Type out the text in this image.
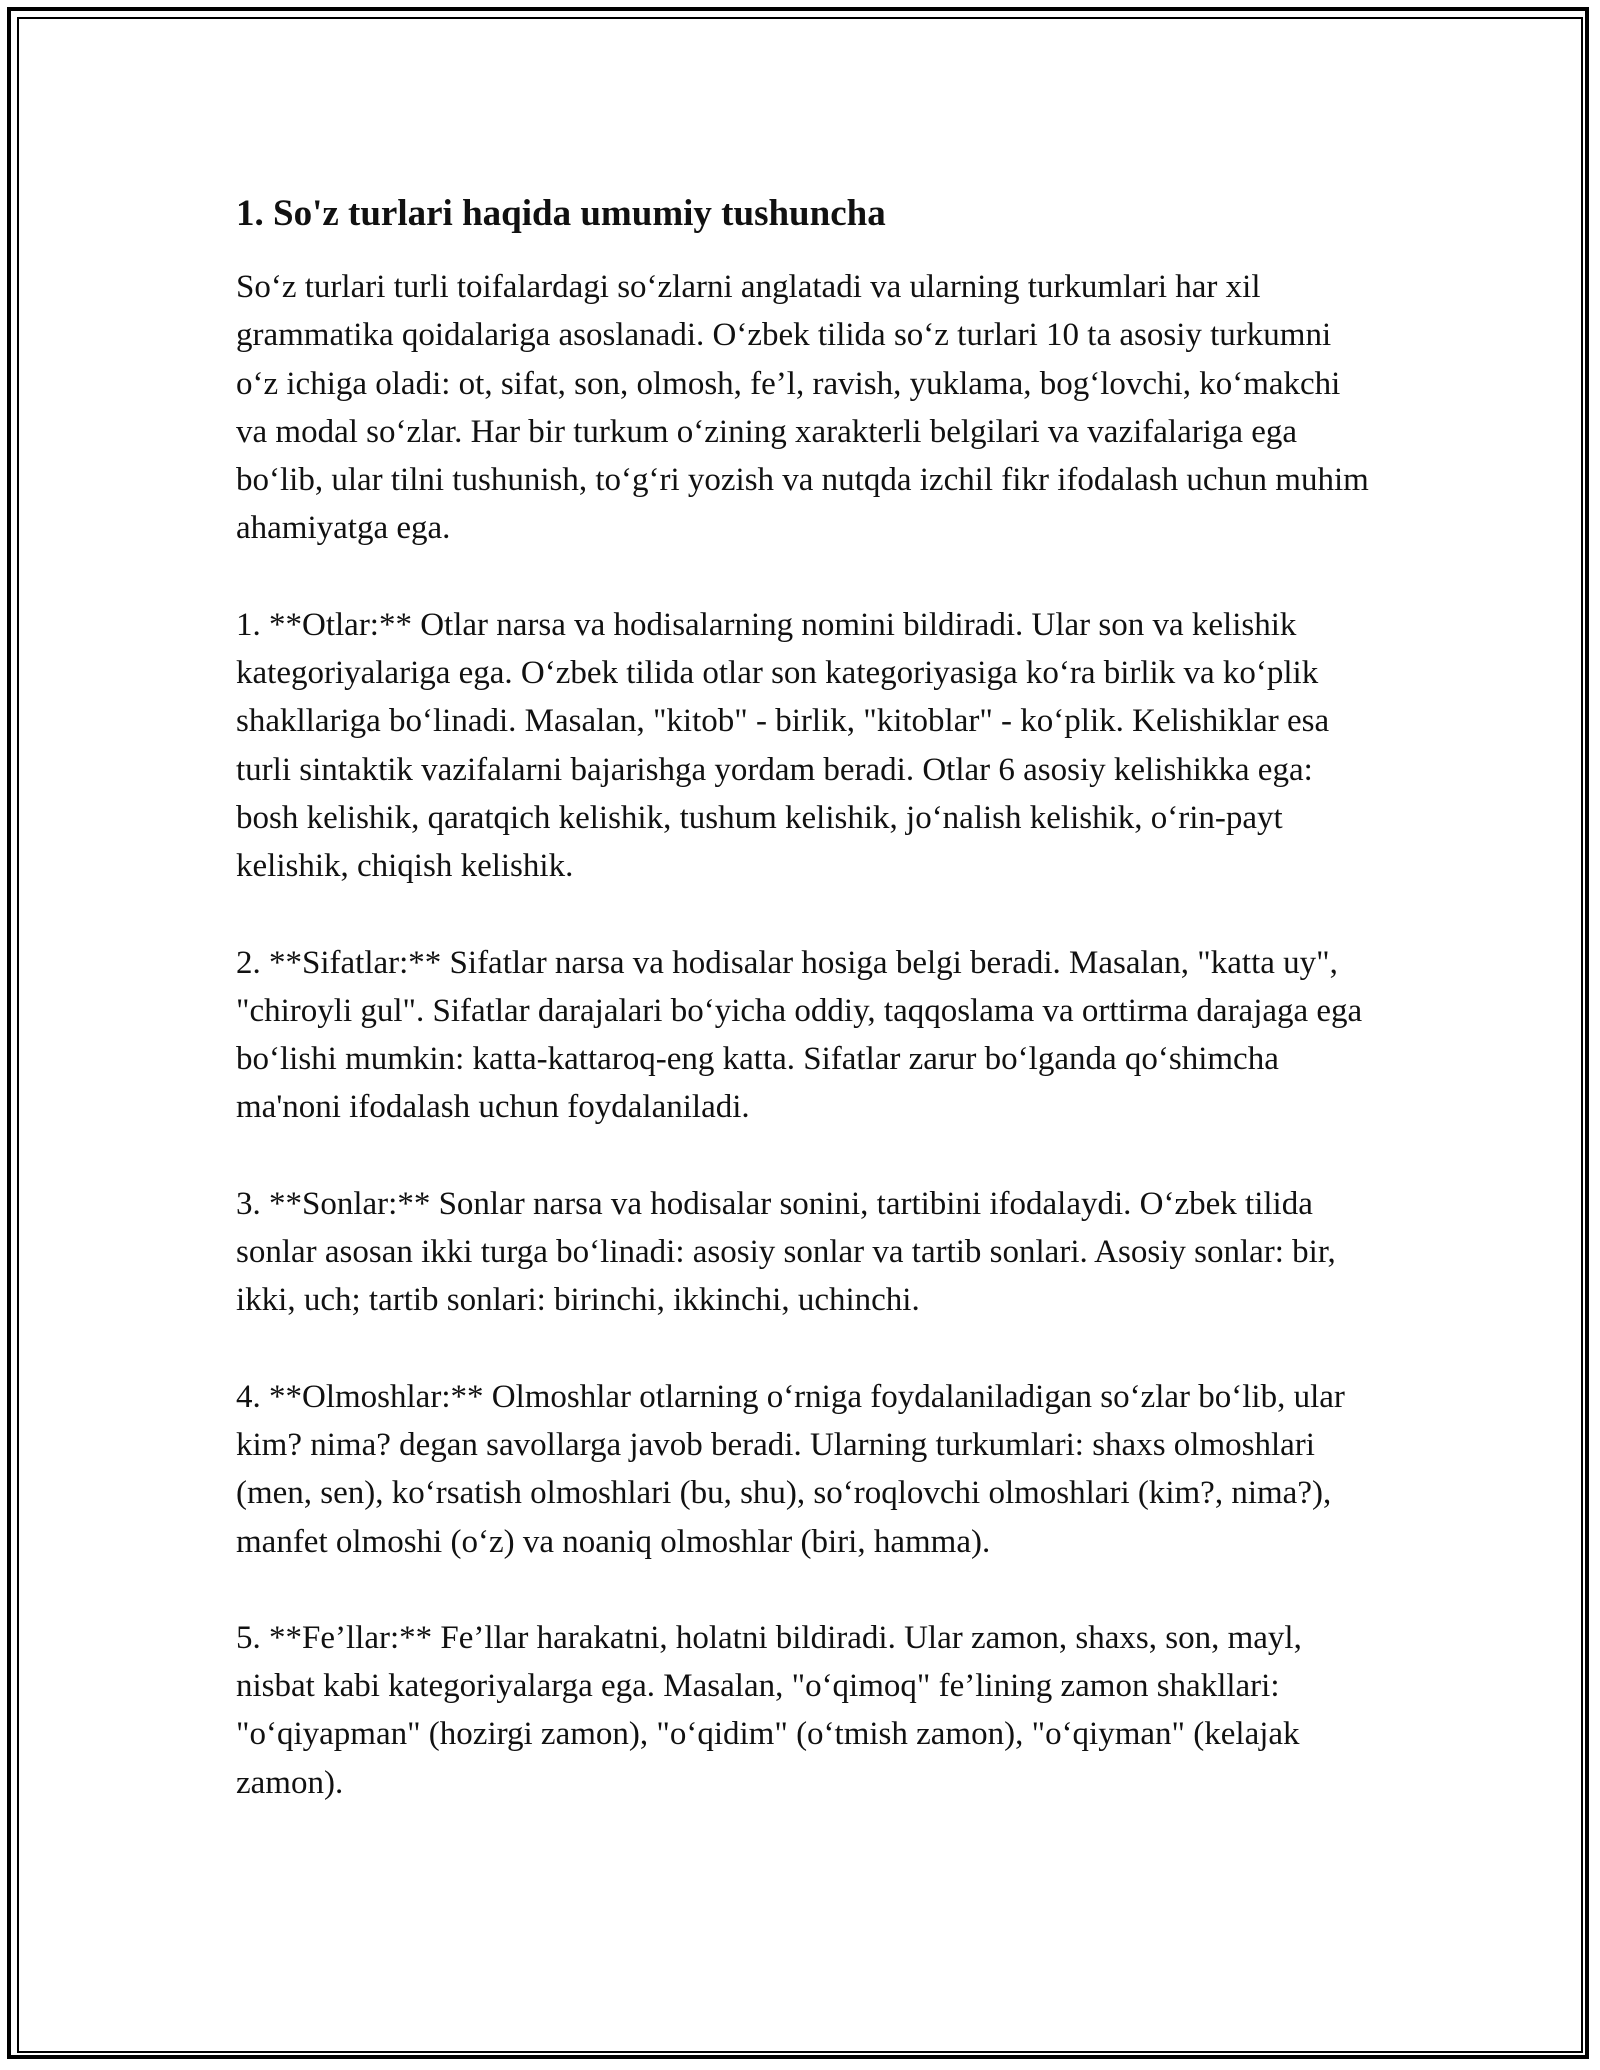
1. So'z turlari haqida umumiy tushuncha

So‘z turlari turli toifalardagi so‘zlarni anglatadi va ularning turkumlari har xil grammatika qoidalariga asoslanadi. O‘zbek tilida so‘z turlari 10 ta asosiy turkumni o‘z ichiga oladi: ot, sifat, son, olmosh, fe’l, ravish, yuklama, bog‘lovchi, ko‘makchi va modal so‘zlar. Har bir turkum o‘zining xarakterli belgilari va vazifalariga ega bo‘lib, ular tilni tushunish, to‘g‘ri yozish va nutqda izchil fikr ifodalash uchun muhim ahamiyatga ega.

1. **Otlar:** Otlar narsa va hodisalarning nomini bildiradi. Ular son va kelishik kategoriyalariga ega. O‘zbek tilida otlar son kategoriyasiga ko‘ra birlik va ko‘plik shakllariga bo‘linadi. Masalan, "kitob" - birlik, "kitoblar" - ko‘plik. Kelishiklar esa turli sintaktik vazifalarni bajarishga yordam beradi. Otlar 6 asosiy kelishikka ega: bosh kelishik, qaratqich kelishik, tushum kelishik, jo‘nalish kelishik, o‘rin-payt kelishik, chiqish kelishik.

2. **Sifatlar:** Sifatlar narsa va hodisalar hosiga belgi beradi. Masalan, "katta uy", "chiroyli gul". Sifatlar darajalari bo‘yicha oddiy, taqqoslama va orttirma darajaga ega bo‘lishi mumkin: katta-kattaroq-eng katta. Sifatlar zarur bo‘lganda qo‘shimcha ma'noni ifodalash uchun foydalaniladi.

3. **Sonlar:** Sonlar narsa va hodisalar sonini, tartibini ifodalaydi. O‘zbek tilida sonlar asosan ikki turga bo‘linadi: asosiy sonlar va tartib sonlari. Asosiy sonlar: bir, ikki, uch; tartib sonlari: birinchi, ikkinchi, uchinchi.

4. **Olmoshlar:** Olmoshlar otlarning o‘rniga foydalaniladigan so‘zlar bo‘lib, ular kim? nima? degan savollarga javob beradi. Ularning turkumlari: shaxs olmoshlari (men, sen), ko‘rsatish olmoshlari (bu, shu), so‘roqlovchi olmoshlari (kim?, nima?), manfet olmoshi (o‘z) va noaniq olmoshlar (biri, hamma).

5. **Fe’llar:** Fe’llar harakatni, holatni bildiradi. Ular zamon, shaxs, son, mayl, nisbat kabi kategoriyalarga ega. Masalan, "o‘qimoq" fe’lining zamon shakllari: "o‘qiyapman" (hozirgi zamon), "o‘qidim" (o‘tmish zamon), "o‘qiyman" (kelajak zamon).
